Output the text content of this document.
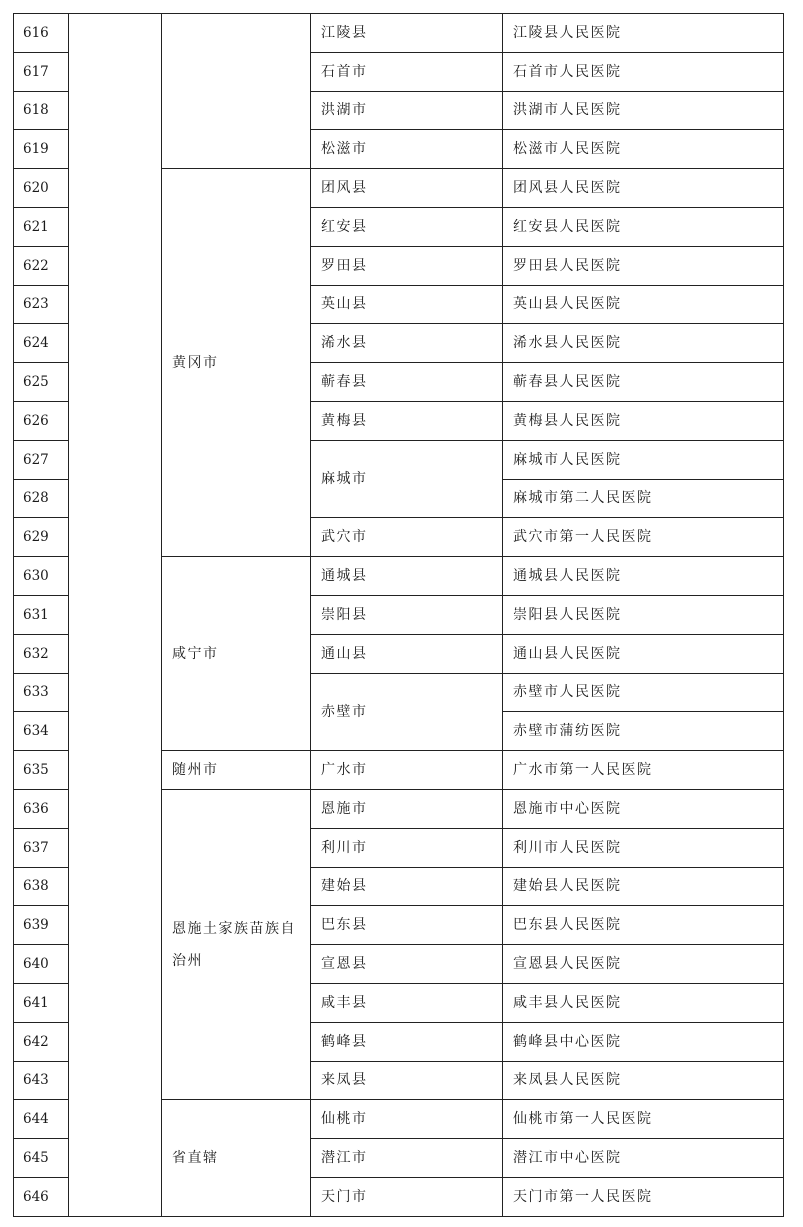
616			江陵县	江陵县人民医院
617			石首市	石首市人民医院
618			洪湖市	洪湖市人民医院
619			松滋市	松滋市人民医院
620		黄冈市	团风县	团风县人民医院
621			红安县	红安县人民医院
622			罗田县	罗田县人民医院
623			英山县	英山县人民医院
624			浠水县	浠水县人民医院
625			蕲春县	蕲春县人民医院
626			黄梅县	黄梅县人民医院
627			麻城市	麻城市人民医院
628				麻城市第二人民医院
629			武穴市	武穴市第一人民医院
630		咸宁市	通城县	通城县人民医院
631			崇阳县	崇阳县人民医院
632			通山县	通山县人民医院
633			赤壁市	赤壁市人民医院
634				赤壁市蒲纺医院
635		随州市	广水市	广水市第一人民医院
636		恩施土家族苗族自治州	恩施市	恩施市中心医院
637			利川市	利川市人民医院
638			建始县	建始县人民医院
639			巴东县	巴东县人民医院
640			宣恩县	宣恩县人民医院
641			咸丰县	咸丰县人民医院
642			鹤峰县	鹤峰县中心医院
643			来凤县	来凤县人民医院
644		省直辖	仙桃市	仙桃市第一人民医院
645			潜江市	潜江市中心医院
646			天门市	天门市第一人民医院
